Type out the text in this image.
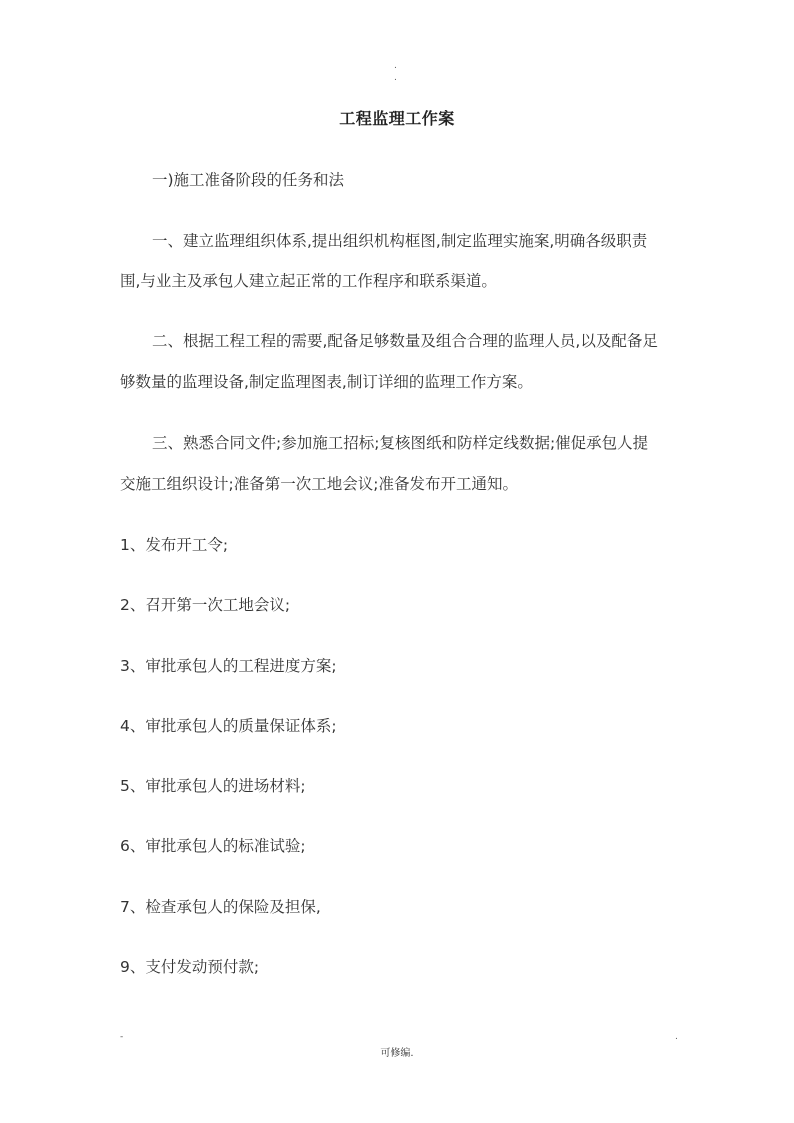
.
.
工程监理工作案
一)施工准备阶段的任务和法
一、建立监理组织体系,提出组织机构框图,制定监理实施案,明确各级职责
围,与业主及承包人建立起正常的工作程序和联系渠道。
二、根据工程工程的需要,配备足够数量及组合合理的监理人员,以及配备足
够数量的监理设备,制定监理图表,制订详细的监理工作方案。
三、熟悉合同文件;参加施工招标;复核图纸和防样定线数据;催促承包人提
交施工组织设计;准备第一次工地会议;准备发布开工通知。
1、发布开工令;
2、召开第一次工地会议;
3、审批承包人的工程进度方案;
4、审批承包人的质量保证体系;
5、审批承包人的进场材料;
6、审批承包人的标准试验;
7、检查承包人的保险及担保,
9、支付发动预付款;
-	.
可修编.
